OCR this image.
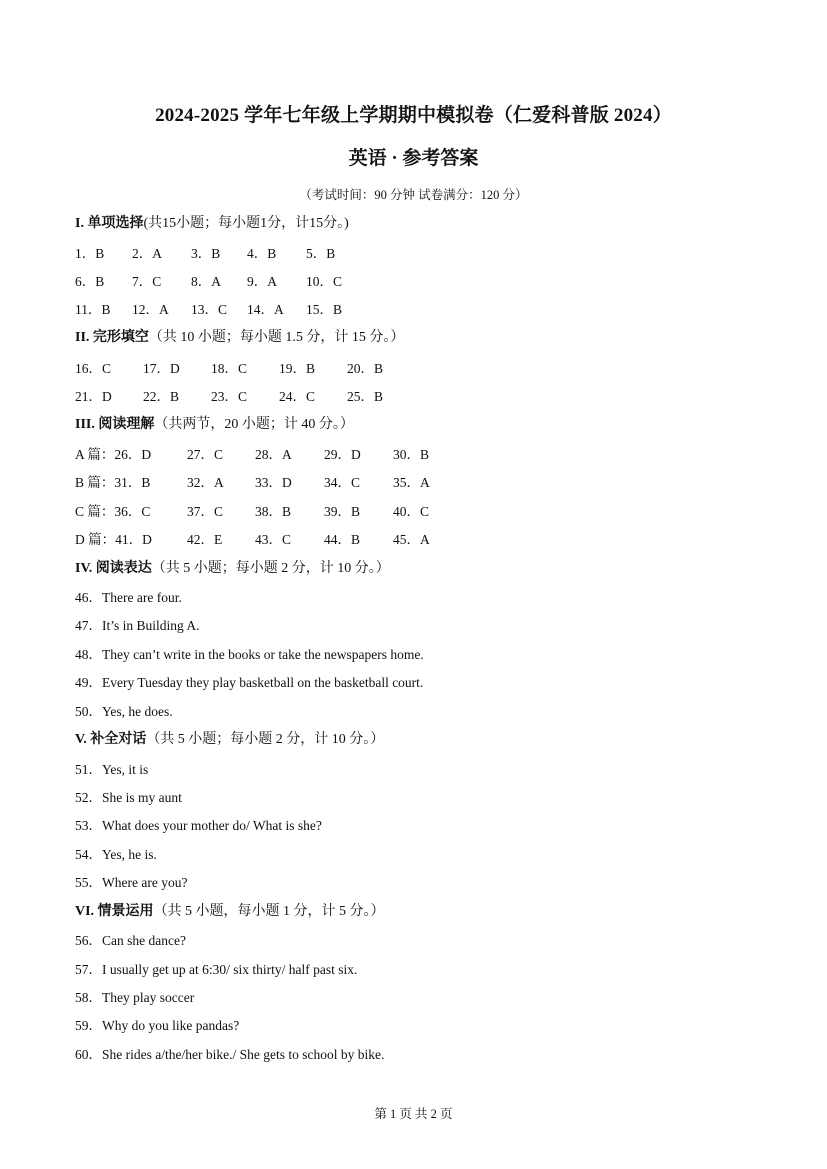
2024-2025 学年七年级上学期期中模拟卷（仁爱科普版 2024）
英语 · 参考答案
（考试时间：90 分钟 试卷满分：120 分）
I. 单项选择(共15小题；每小题1分，计15分。)
1．B 2．A 3．B 4．B 5．B
6．B 7．C 8．A 9．A 10．C
11．B 12．A 13．C 14．A 15．B
II. 完形填空（共 10 小题；每小题 1.5 分，计 15 分。）
16．C 17．D 18．C 19．B 20．B
21．D 22．B 23．C 24．C 25．B
III. 阅读理解（共两节，20 小题；计 40 分。）
A 篇：26．D	27．C 28．A 29．D 30．B
B 篇：31．B	32．A 33．D 34．C 35．A
C 篇：36．C	37．C 38．B 39．B 40．C
D 篇：41．D	42．E 43．C 44．B 45．A
IV. 阅读表达（共 5 小题；每小题 2 分，计 10 分。）
46．There are four.
47．It’s in Building A.
48．They can’t write in the books or take the newspapers home.
49．Every Tuesday they play basketball on the basketball court.
50．Yes, he does.
V. 补全对话（共 5 小题；每小题 2 分，计 10 分。）
51．Yes, it is
52．She is my aunt
53．What does your mother do/ What is she?
54．Yes, he is.
55．Where are you?
VI. 情景运用（共 5 小题，每小题 1 分，计 5 分。）
56．Can she dance?
57．I usually get up at 6:30/ six thirty/ half past six.
58．They play soccer
59．Why do you like pandas?
60．She rides a/the/her bike./ She gets to school by bike.
第 1 页 共 2 页
